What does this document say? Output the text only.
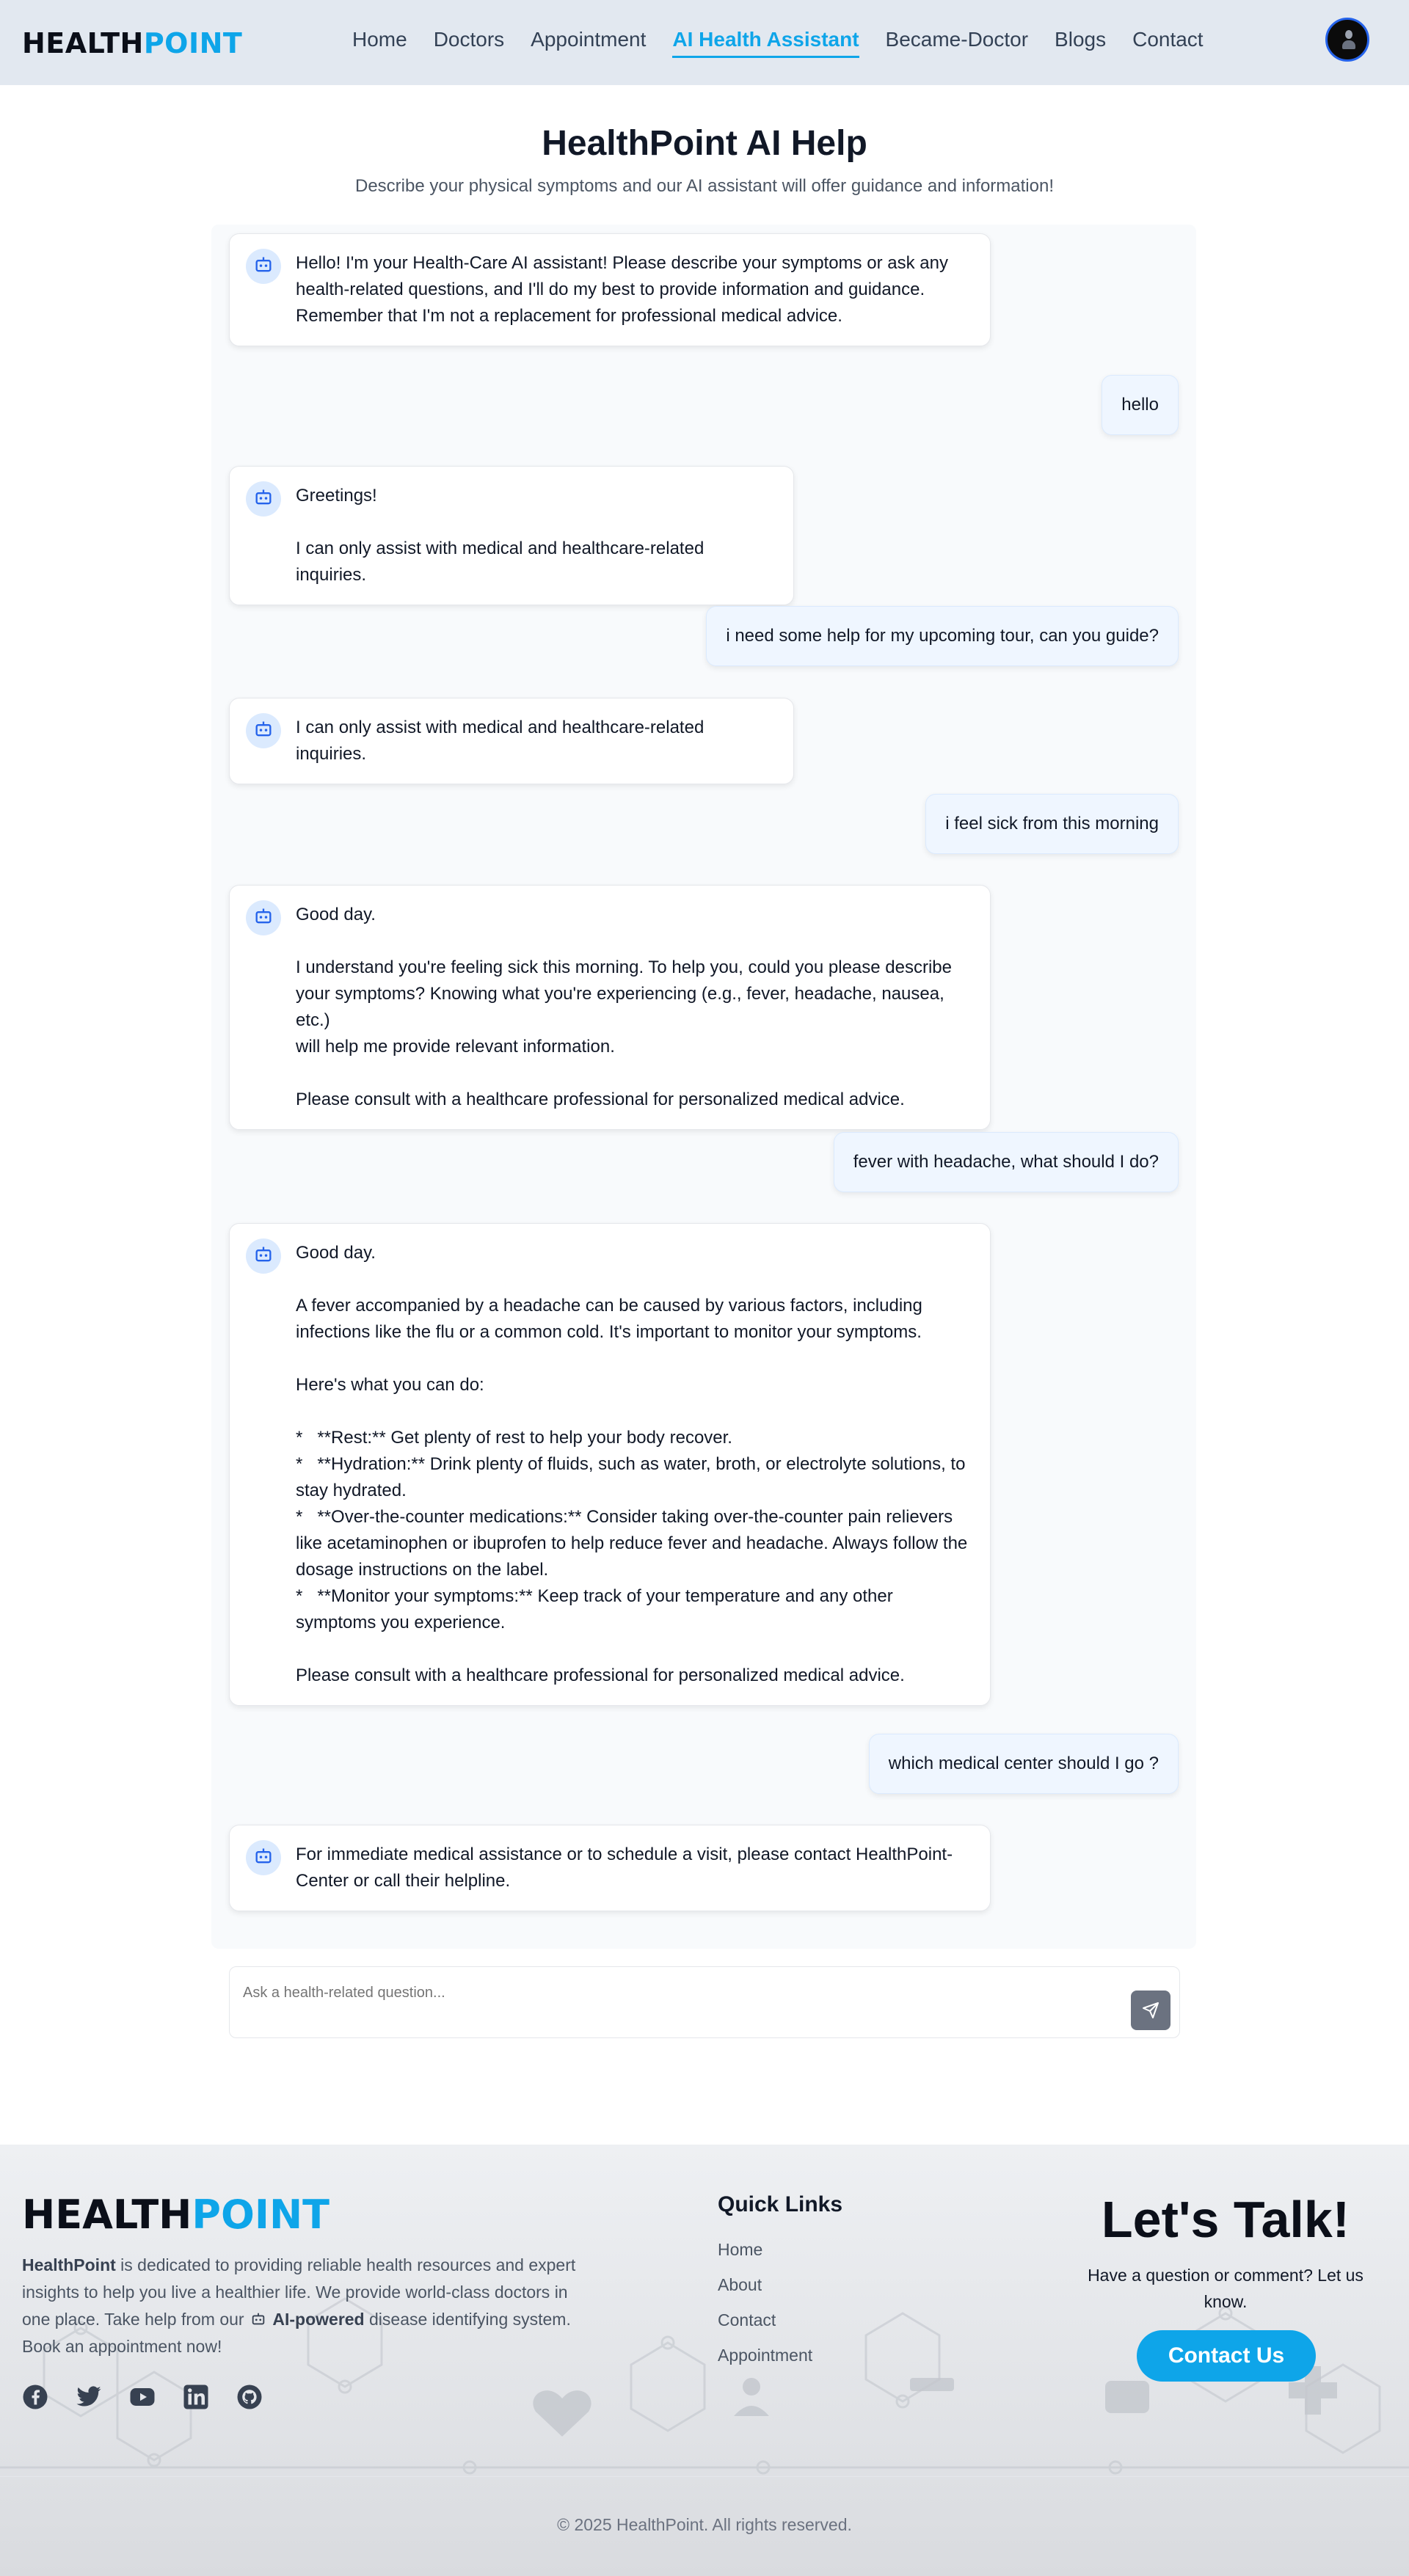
HEALTHPOINT	Home Doctors Appointment AI Health Assistant Became-Doctor Blogs Contact
HealthPoint AI Help

Describe your physical symptoms and our AI assistant will offer guidance and information!

Hello! I'm your Health-Care AI assistant! Please describe your symptoms or ask any
health-related questions, and I'll do my best to provide information and guidance.
Remember that I'm not a replacement for professional medical advice.
hello
Greetings!

I can only assist with medical and healthcare-related inquiries.
i need some help for my upcoming tour, can you guide?
I can only assist with medical and healthcare-related inquiries.
i feel sick from this morning
Good day.

I understand you're feeling sick this morning. To help you, could you please describe
your symptoms? Knowing what you're experiencing (e.g., fever, headache, nausea, etc.)
will help me provide relevant information.

Please consult with a healthcare professional for personalized medical advice.
fever with headache, what should I do?
Good day.

A fever accompanied by a headache can be caused by various factors, including
infections like the flu or a common cold. It's important to monitor your symptoms.

Here's what you can do:

*   **Rest:** Get plenty of rest to help your body recover.
*   **Hydration:** Drink plenty of fluids, such as water, broth, or electrolyte solutions, to
stay hydrated.
*   **Over-the-counter medications:** Consider taking over-the-counter pain relievers
like acetaminophen or ibuprofen to help reduce fever and headache. Always follow the
dosage instructions on the label.
*   **Monitor your symptoms:** Keep track of your temperature and any other
symptoms you experience.

Please consult with a healthcare professional for personalized medical advice.
which medical center should I go ?
For immediate medical assistance or to schedule a visit, please contact HealthPoint-
Center or call their helpline.
Ask a health-related question...
HEALTHPOINT

HealthPoint is dedicated to providing reliable health resources and expert insights to help you live a healthier life. We provide world-class doctors in one place. Take help from our  AI-powered disease identifying system. Book an appointment now!

Quick Links
Home
About
Contact
Appointment
Let's Talk!

Have a question or comment? Let us know.

Contact Us

© 2025 HealthPoint. All rights reserved.
